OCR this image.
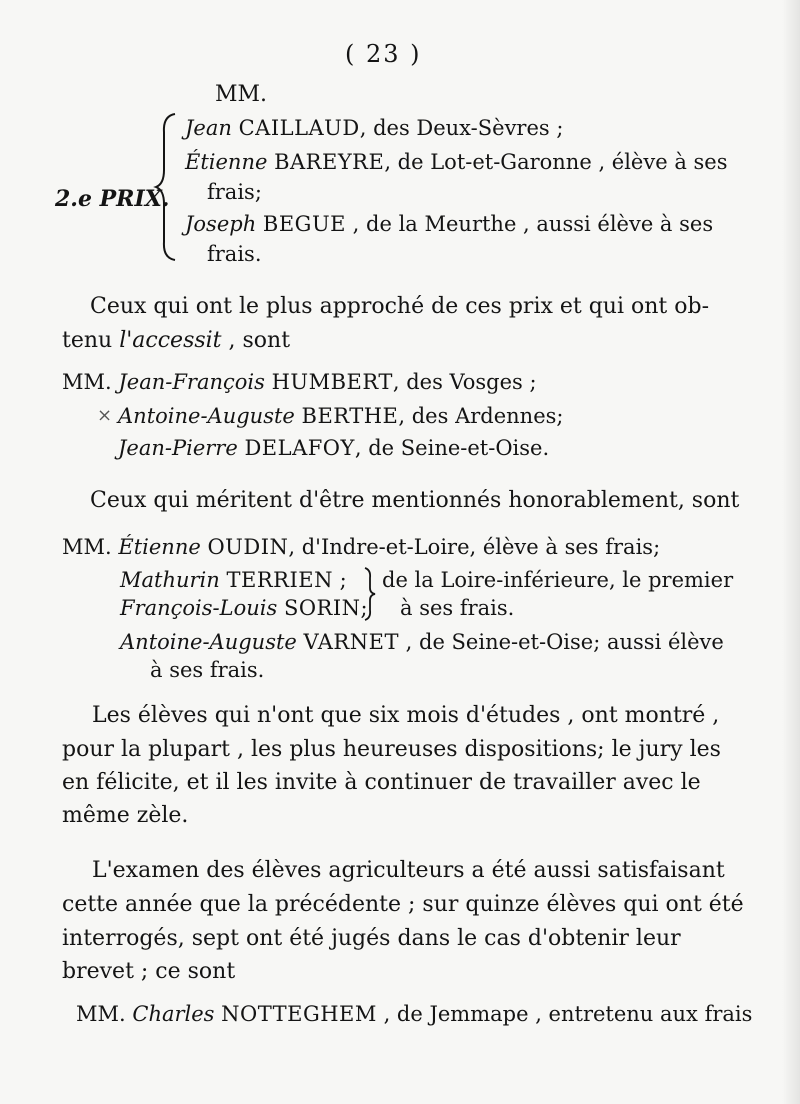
( 23 )
MM.
2.e PRIX.
Jean CAILLAUD, des Deux-Sèvres ;
Étienne BAREYRE, de Lot-et-Garonne , élève à ses
frais;
Joseph BEGUE , de la Meurthe , aussi élève à ses
frais.
Ceux qui ont le plus approché de ces prix et qui ont ob-
tenu l'accessit , sont
MM. Jean-François HUMBERT, des Vosges ;
× Antoine-Auguste BERTHE, des Ardennes;
Jean-Pierre DELAFOY, de Seine-et-Oise.
Ceux qui méritent d'être mentionnés honorablement, sont
MM. Étienne OUDIN, d'Indre-et-Loire, élève à ses frais;
Mathurin TERRIEN ;
François-Louis SORIN;
de la Loire-inférieure, le premier
à ses frais.
Antoine-Auguste VARNET , de Seine-et-Oise; aussi élève
à ses frais.
Les élèves qui n'ont que six mois d'études , ont montré ,
pour la plupart , les plus heureuses dispositions; le jury les
en félicite, et il les invite à continuer de travailler avec le
même zèle.
L'examen des élèves agriculteurs a été aussi satisfaisant
cette année que la précédente ; sur quinze élèves qui ont été
interrogés, sept ont été jugés dans le cas d'obtenir leur
brevet ; ce sont
MM. Charles NOTTEGHEM , de Jemmape , entretenu aux frais
